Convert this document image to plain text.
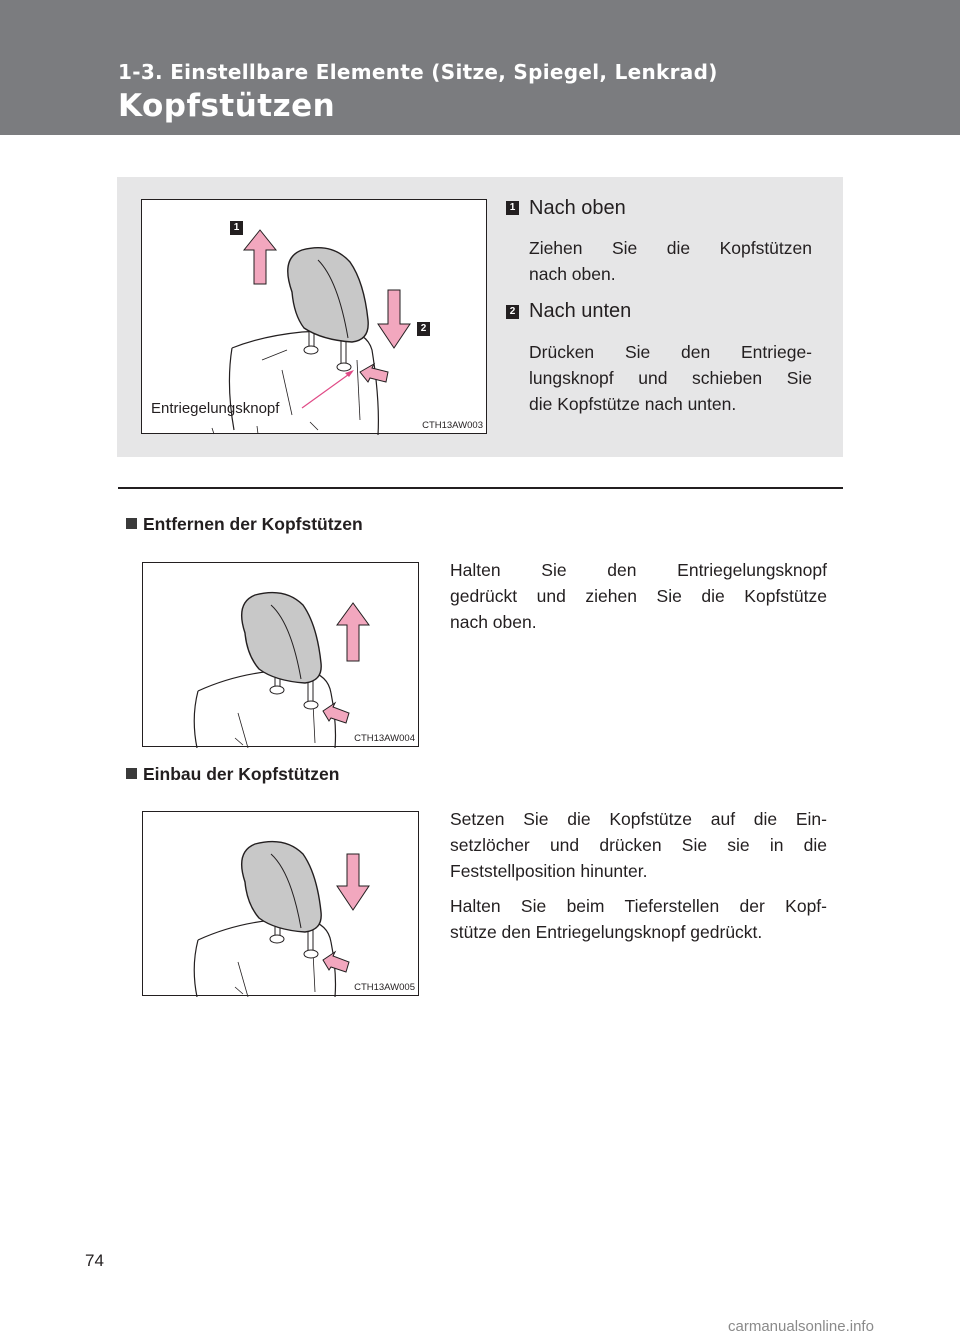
1-3. Einstellbare Elemente (Sitze, Spiegel, Lenkrad)
Kopfstützen
1
2
Entriegelungsknopf
CTH13AW003
1 Nach oben
Ziehen Sie die Kopfstützen
nach oben.
2 Nach unten
Drücken Sie den Entriege-
lungsknopf und schieben Sie
die Kopfstütze nach unten.
Entfernen der Kopfstützen
Halten Sie den Entriegelungsknopf
gedrückt und ziehen Sie die Kopfstütze
nach oben.
CTH13AW004
Einbau der Kopfstützen
Setzen Sie die Kopfstütze auf die Ein-
setzlöcher und drücken Sie sie in die
Feststellposition hinunter.
Halten Sie beim Tieferstellen der Kopf-
stütze den Entriegelungsknopf gedrückt.
CTH13AW005
74
carmanualsonline.info
